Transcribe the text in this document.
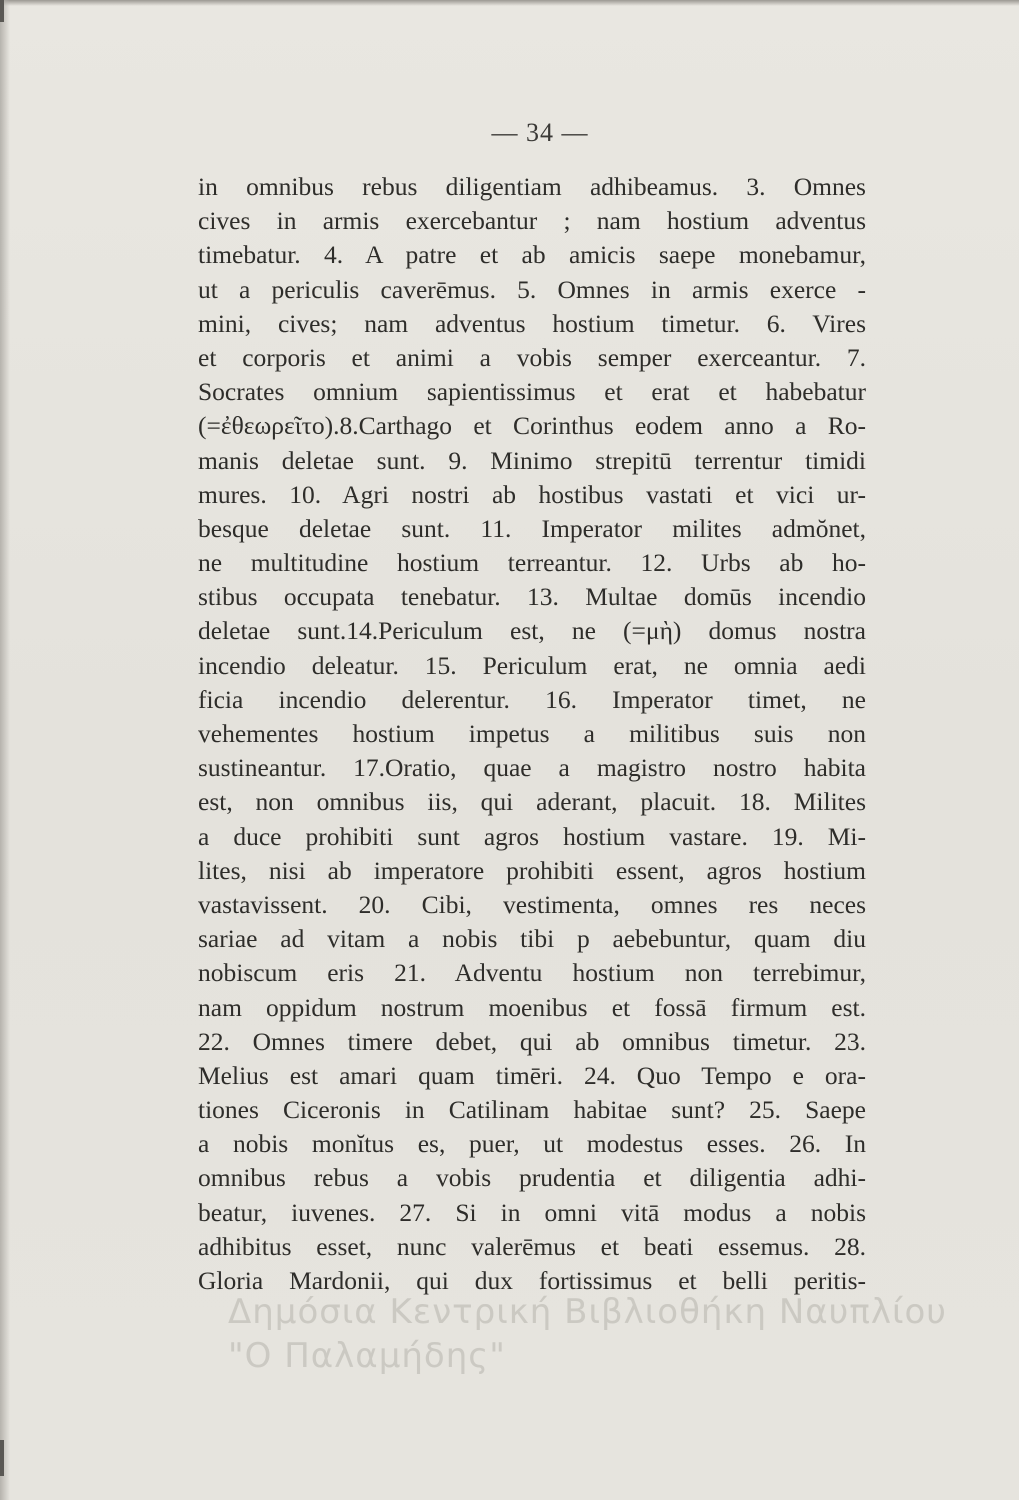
— 34 —
in omnibus rebus diligentiam adhibeamus. 3. Omnes
cives in armis exercebantur ; nam hostium adventus
timebatur. 4. A patre et ab amicis saepe monebamur,
ut a periculis caverēmus. 5. Omnes in armis exerce -
mini, cives; nam adventus hostium timetur. 6. Vires
et corporis et animi a vobis semper exerceantur. 7.
Socrates omnium sapientissimus et erat et habebatur
(=ἐθεωρεῖτο).8.Carthago et Corinthus eodem anno a Ro-
manis deletae sunt. 9. Minimo strepitū terrentur timidi
mures. 10. Agri nostri ab hostibus vastati et vici ur-
besque deletae sunt. 11. Imperator milites admŏnet,
ne multitudine hostium terreantur. 12. Urbs ab ho-
stibus occupata tenebatur. 13. Multae domūs incendio
deletae sunt.14.Periculum est, ne (=μὴ) domus nostra
incendio deleatur. 15. Periculum erat, ne omnia aedi
ficia incendio delerentur. 16. Imperator timet, ne
vehementes hostium impetus a militibus suis non
sustineantur. 17.Oratio, quae a magistro nostro habita
est, non omnibus iis, qui aderant, placuit. 18. Milites
a duce prohibiti sunt agros hostium vastare. 19. Mi-
lites, nisi ab imperatore prohibiti essent, agros hostium
vastavissent. 20. Cibi, vestimenta, omnes res neces
sariae ad vitam a nobis tibi p aebebuntur, quam diu
nobiscum eris 21. Adventu hostium non terrebimur,
nam oppidum nostrum moenibus et fossā firmum est.
22. Omnes timere debet, qui ab omnibus timetur. 23.
Melius est amari quam timēri. 24. Quo Tempo e ora-
tiones Ciceronis in Catilinam habitae sunt? 25. Saepe
a nobis monĭtus es, puer, ut modestus esses. 26. In
omnibus rebus a vobis prudentia et diligentia adhi-
beatur, iuvenes. 27. Si in omni vitā modus a nobis
adhibitus esset, nunc valerēmus et beati essemus. 28.
Gloria Mardonii, qui dux fortissimus et belli peritis-
Δημόσια Κεντρική Βιβλιοθήκη Ναυπλίου
"Ο Παλαμήδης"
